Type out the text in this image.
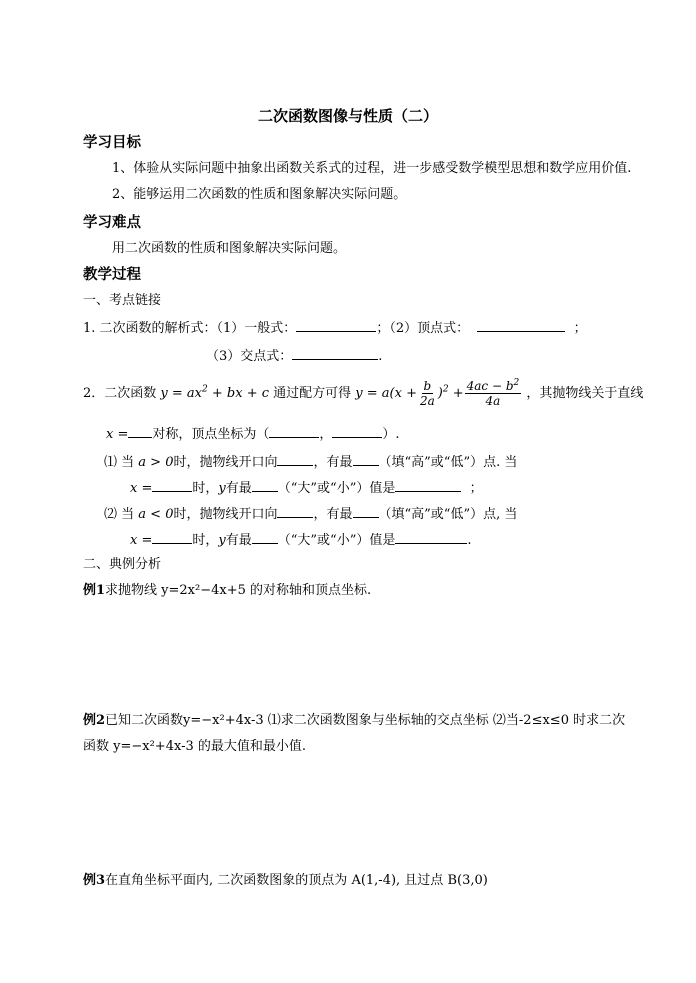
二次函数图像与性质（二）
学习目标
1、体验从实际问题中抽象出函数关系式的过程，进一步感受数学模型思想和数学应用价值.
2、能够运用二次函数的性质和图象解决实际问题。
学习难点
用二次函数的性质和图象解决实际问题。
教学过程
一、考点链接
1. 二次函数的解析式：（1）一般式：	；（2）顶点式：	；
（3）交点式：	.
2．二次函数 $y = ax^2$ + bx + c 通过配方可得 $y = a(x + \frac{b}{2a} )^2 + \frac{4ac - b^2}{4a}$ ，其抛物线关于直线
x = 对称，顶点坐标为（	，	）.
⑴ 当 a > 0时，抛物线开口向	，有最 （填“高”或“低”）点. 当
x =	时，y有最 （“大”或“小”）值是	；
⑵ 当 a < 0时，抛物线开口向	，有最 （填“高”或“低”）点, 当
x =	时，y有最 （“大”或“小”）值是	.
二、典例分析
例1求抛物线 y=2x²−4x+5 的对称轴和顶点坐标.
例2已知二次函数y=−x²+4x-3 ⑴求二次函数图象与坐标轴的交点坐标 ⑵当-2≤x≤0 时求二次
函数 y=−x²+4x-3 的最大值和最小值.
例3在直角坐标平面内, 二次函数图象的顶点为 A(1,-4), 且过点 B(3,0)
